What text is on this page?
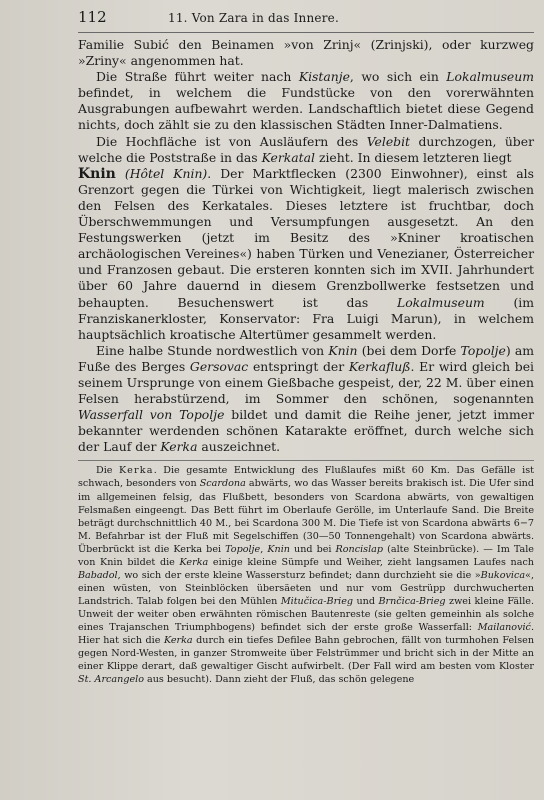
112	11. Von Zara in das Innere.

Familie Subić den Beinamen »von Zrinj« (Zrinjski), oder kurzweg »Zriny« angenommen hat.

Die Straße führt weiter nach Kistanje, wo sich ein Lokalmuseum befindet, in welchem die Fundstücke von den vorerwähnten Ausgrabungen aufbewahrt werden. Landschaftlich bietet diese Gegend nichts, doch zählt sie zu den klassischen Städten Inner-Dalmatiens.

Die Hochfläche ist von Ausläufern des Velebit durchzogen, über welche die Poststraße in das Kerkatal zieht. In diesem letzteren liegt

Knin (Hôtel Knin). Der Marktflecken (2300 Einwohner), einst als Grenzort gegen die Türkei von Wichtigkeit, liegt malerisch zwischen den Felsen des Kerkatales. Dieses letztere ist fruchtbar, doch Überschwemmungen und Versumpfungen ausgesetzt. An den Festungswerken (jetzt im Besitz des »Kniner kroatischen archäologischen Vereines«) haben Türken und Venezianer, Österreicher und Franzosen gebaut. Die ersteren konnten sich im XVII. Jahrhundert über 60 Jahre dauernd in diesem Grenzbollwerke festsetzen und behaupten. Besuchenswert ist das Lokalmuseum (im Franziskanerkloster, Konservator: Fra Luigi Marun), in welchem hauptsächlich kroatische Altertümer gesammelt werden.

Eine halbe Stunde nordwestlich von Knin (bei dem Dorfe Topolje) am Fuße des Berges Gersovac entspringt der Kerkafluß. Er wird gleich bei seinem Ursprunge von einem Gießbache gespeist, der, 22 M. über einen Felsen herabstürzend, im Sommer den schönen, sogenannten Wasserfall von Topolje bildet und damit die Reihe jener, jetzt immer bekannter werdenden schönen Katarakte eröffnet, durch welche sich der Lauf der Kerka auszeichnet.

Die Kerka. Die gesamte Entwicklung des Flußlaufes mißt 60 Km. Das Gefälle ist schwach, besonders von Scardona abwärts, wo das Wasser bereits brakisch ist. Die Ufer sind im allgemeinen felsig, das Flußbett, besonders von Scardona abwärts, von gewaltigen Felsmaßen eingeengt. Das Bett führt im Oberlaufe Gerölle, im Unterlaufe Sand. Die Breite beträgt durchschnittlich 40 M., bei Scardona 300 M. Die Tiefe ist von Scardona abwärts 6−7 M. Befahrbar ist der Fluß mit Segelschiffen (30—50 Tonnengehalt) von Scardona abwärts. Überbrückt ist die Kerka bei Topolje, Knin und bei Roncislap (alte Steinbrücke). — Im Tale von Knin bildet die Kerka einige kleine Sümpfe und Weiher, zieht langsamen Laufes nach Babadol, wo sich der erste kleine Wassersturz befindet; dann durchzieht sie die »Bukovica«, einen wüsten, von Steinblöcken übersäeten und nur vom Gestrüpp durchwucherten Landstrich. Talab folgen bei den Mühlen Mitučica-Brieg und Brnčica-Brieg zwei kleine Fälle. Unweit der weiter oben erwähnten römischen Bautenreste (sie gelten gemeinhin als solche eines Trajanschen Triumphbogens) befindet sich der erste große Wasserfall: Mailanović. Hier hat sich die Kerka durch ein tiefes Defilee Bahn gebrochen, fällt von turmhohen Felsen gegen Nord-Westen, in ganzer Stromweite über Felstrümmer und bricht sich in der Mitte an einer Klippe derart, daß gewaltiger Gischt aufwirbelt. (Der Fall wird am besten vom Kloster St. Arcangelo aus besucht). Dann zieht der Fluß, das schön gelegene
